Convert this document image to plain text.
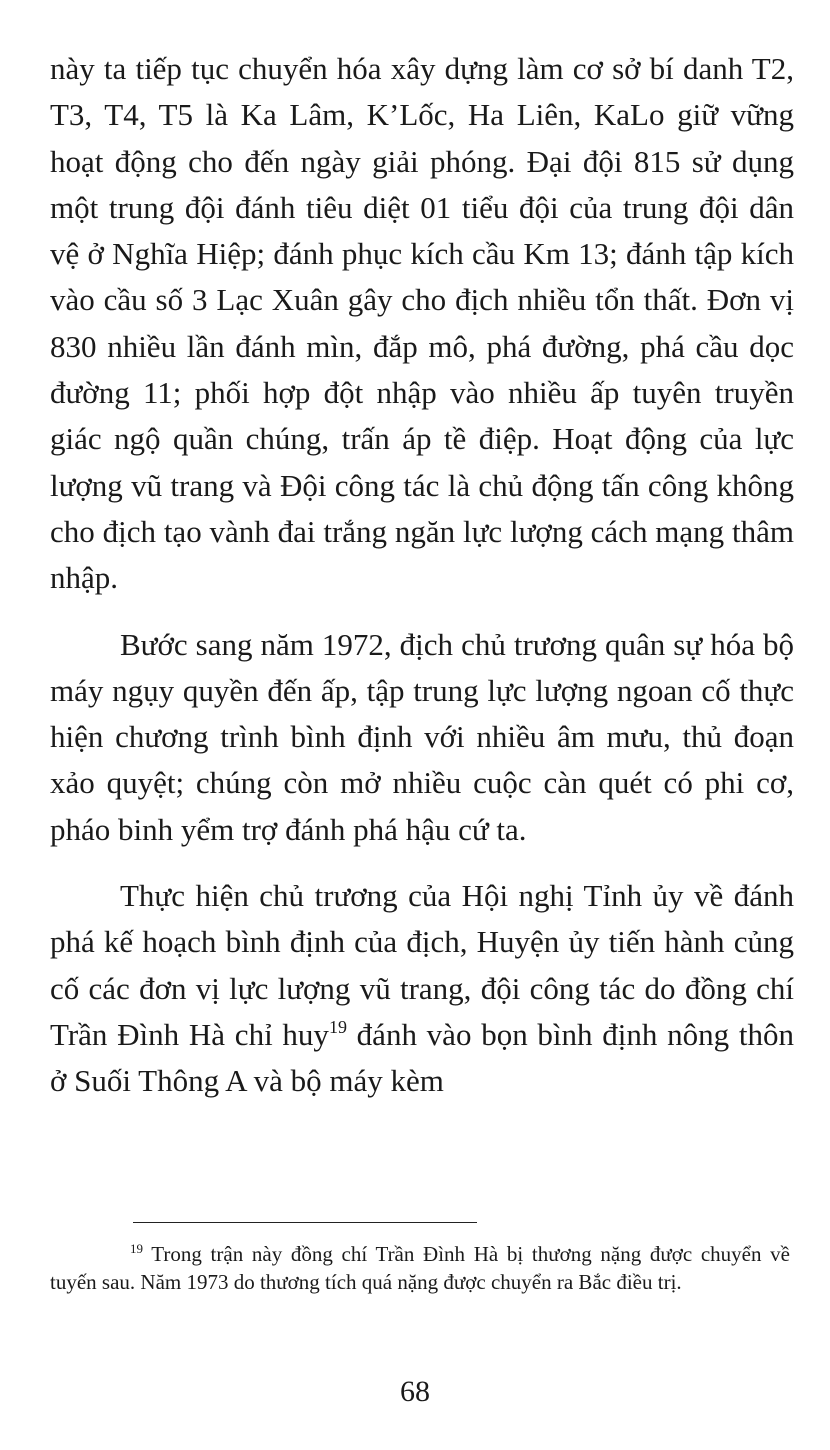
này ta tiếp tục chuyển hóa xây dựng làm cơ sở bí danh T2, T3, T4, T5 là Ka Lâm, K’Lốc, Ha Liên, KaLo giữ vững hoạt động cho đến ngày giải phóng. Đại đội 815 sử dụng một trung đội đánh tiêu diệt 01 tiểu đội của trung đội dân vệ ở Nghĩa Hiệp; đánh phục kích cầu Km 13; đánh tập kích vào cầu số 3 Lạc Xuân gây cho địch nhiều tổn thất. Đơn vị 830 nhiều lần đánh mìn, đắp mô, phá đường, phá cầu dọc đường 11; phối hợp đột nhập vào nhiều ấp tuyên truyền giác ngộ quần chúng, trấn áp tề điệp. Hoạt động của lực lượng vũ trang và Đội công tác là chủ động tấn công không cho địch tạo vành đai trắng ngăn lực lượng cách mạng thâm nhập.

Bước sang năm 1972, địch chủ trương quân sự hóa bộ máy ngụy quyền đến ấp, tập trung lực lượng ngoan cố thực hiện chương trình bình định với nhiều âm mưu, thủ đoạn xảo quyệt; chúng còn mở nhiều cuộc càn quét có phi cơ, pháo binh yểm trợ đánh phá hậu cứ ta.

Thực hiện chủ trương của Hội nghị Tỉnh ủy về đánh phá kế hoạch bình định của địch, Huyện ủy tiến hành củng cố các đơn vị lực lượng vũ trang, đội công tác do đồng chí Trần Đình Hà chỉ huy$^{19}$ đánh vào bọn bình định nông thôn ở Suối Thông A và bộ máy kèm

$^{19}$ Trong trận này đồng chí Trần Đình Hà bị thương nặng được chuyển về tuyến sau. Năm 1973 do thương tích quá nặng được chuyển ra Bắc điều trị.

68
